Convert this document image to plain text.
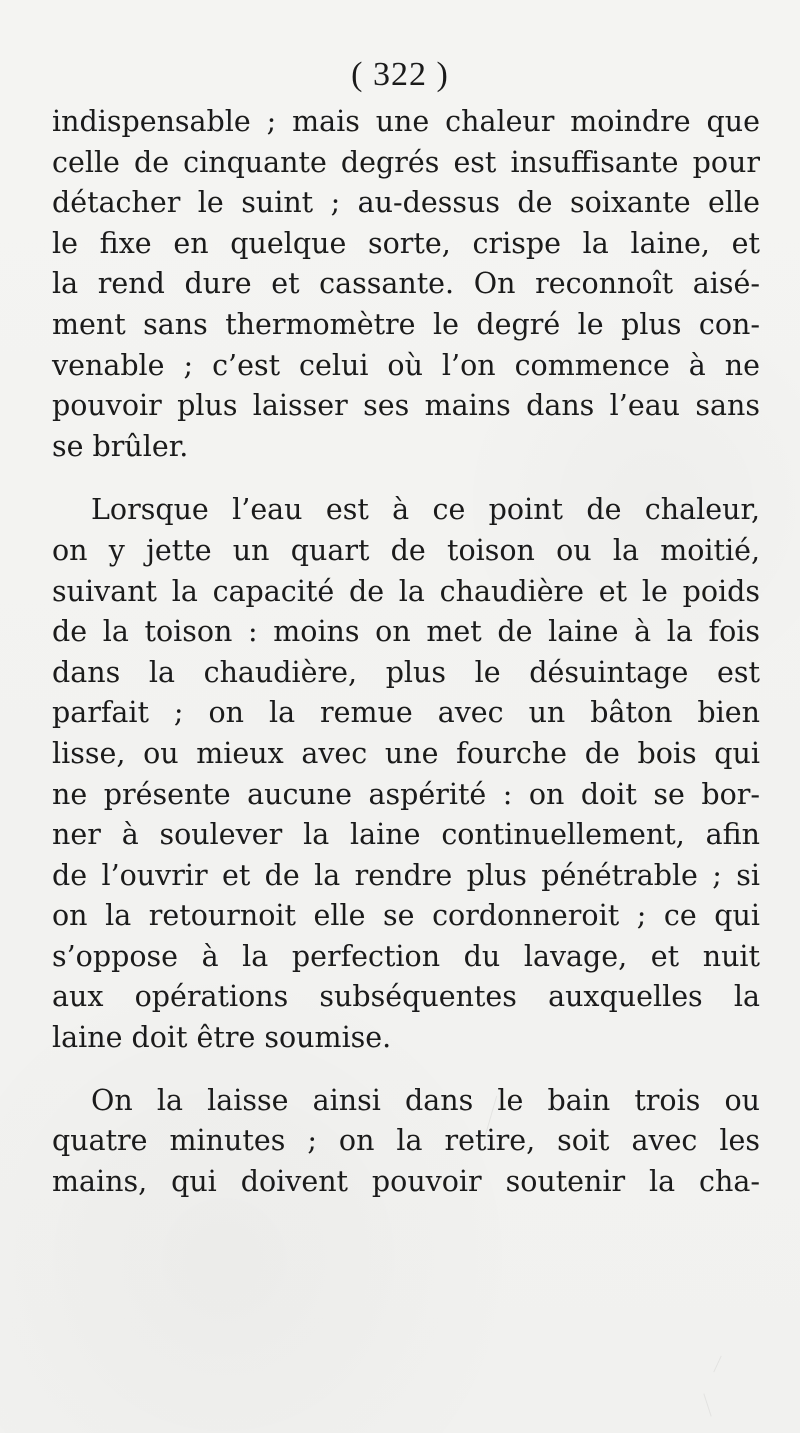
( 322 )

indispensable ; mais une chaleur moindre que
celle de cinquante degrés est insuffisante pour
détacher le suint ; au-dessus de soixante elle
le fixe en quelque sorte, crispe la laine, et
la rend dure et cassante. On reconnoît aisé-
ment sans thermomètre le degré le plus con-
venable ; c’est celui où l’on commence à ne
pouvoir plus laisser ses mains dans l’eau sans
se brûler.

Lorsque l’eau est à ce point de chaleur,
on y jette un quart de toison ou la moitié,
suivant la capacité de la chaudière et le poids
de la toison : moins on met de laine à la fois
dans la chaudière, plus le désuintage est
parfait ; on la remue avec un bâton bien
lisse, ou mieux avec une fourche de bois qui
ne présente aucune aspérité : on doit se bor-
ner à soulever la laine continuellement, afin
de l’ouvrir et de la rendre plus pénétrable ; si
on la retournoit elle se cordonneroit ; ce qui
s’oppose à la perfection du lavage, et nuit
aux opérations subséquentes auxquelles la
laine doit être soumise.

On la laisse ainsi dans le bain trois ou
quatre minutes ; on la retire, soit avec les
mains, qui doivent pouvoir soutenir la cha-
